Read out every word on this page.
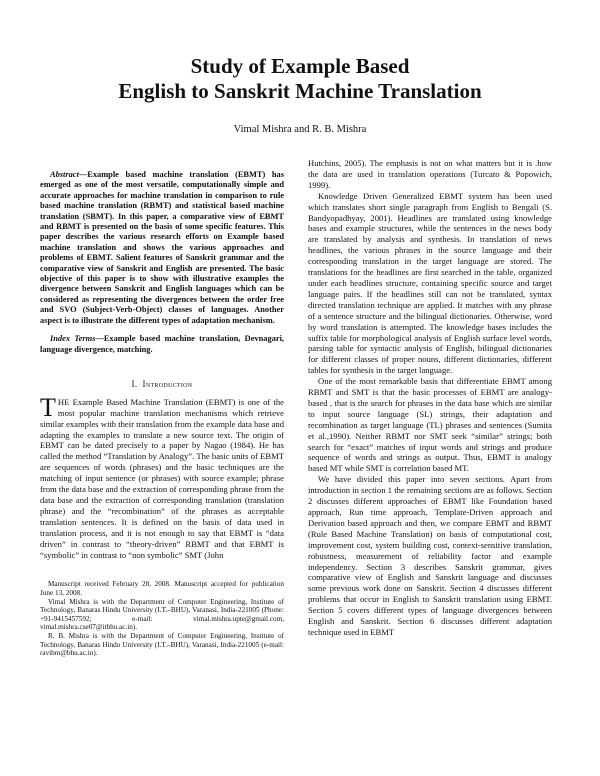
Study of Example Based
English to Sanskrit Machine Translation
Vimal Mishra and R. B. Mishra

Abstract—Example based machine translation (EBMT) has emerged as one of the most versatile, computationally simple and accurate approaches for machine translation in comparison to rule based machine translation (RBMT) and statistical based machine translation (SBMT). In this paper, a comparative view of EBMT and RBMT is presented on the basis of some specific features. This paper describes the various research efforts on Example based machine translation and shows the various approaches and problems of EBMT. Salient features of Sanskrit grammar and the comparative view of Sanskrit and English are presented. The basic objective of this paper is to show with illustrative examples the divergence between Sanskrit and English languages which can be considered as representing the divergences between the order free and SVO (Subject-Verb-Object) classes of languages. Another aspect is to illustrate the different types of adaptation mechanism.

Index Terms—Example based machine translation, Devnagari, language divergence, matching.

I. Introduction

THE Example Based Machine Translation (EBMT) is one of the most popular machine translation mechanisms which retrieve similar examples with their translation from the example data base and adapting the examples to translate a new source text. The origin of EBMT can be dated precisely to a paper by Nagao (1984). He has called the method “Translation by Analogy”. The basic units of EBMT are sequences of words (phrases) and the basic techniques are the matching of input sentence (or phrases) with source example; phrase from the data base and the extraction of corresponding phrase from the data base and the extraction of corresponding translation (translation phrase) and the “recombination” of the phrases as acceptable translation sentences. It is defined on the basis of data used in translation process, and it is not enough to say that EBMT is “data driven” in contrast to “theory-driven” RBMT and that EBMT is “symbolic” in contrast to “non symbolic” SMT (John

Manuscript received February 28, 2008. Manuscript accepted for publication June 13, 2008.

Vimal Mishra is with the Department of Computer Engineering, Institute of Technology, Banaras Hindu University (I.T.–BHU), Varanasi, India-221005 (Phone: +91-9415457592; e-mail: vimal.mishra.upte@gmail.com, vimal.mishra.cse07@itbhu.ac.in).

R. B. Mishra is with the Department of Computer Engineering, Institute of Technology, Banaras Hindu University (I.T.–BHU), Varanasi, India-221005 (e-mail: ravibm@bhu.ac.in).

Hutchins, 2005). The emphasis is not on what matters but it is .how the data are used in translation operations (Turcato & Popowich, 1999).

Knowledge Driven Generalized EBMT system has been used which translates short single paragraph from English to Bengali (S. Bandyopadhyay, 2001). Headlines are translated using knowledge bases and example structures, while the sentences in the news body are translated by analysis and synthesis. In translation of news headlines, the various phrases in the source language and their corresponding translation in the target language are stored. The translations for the headlines are first searched in the table, organized under each headlines structure, containing specific source and target language pairs. If the headlines still can not be translated, syntax directed translation technique are applied. It matches with any phrase of a sentence structure and the bilingual dictionaries. Otherwise, word by word translation is attempted. The knowledge bases includes the suffix table for morphological analysis of English surface level words, parsing table for syntactic analysis of English, bilingual dictionaries for different classes of proper nouns, different dictionaries, different tables for synthesis in the target language.

One of the most remarkable basis that differentiate EBMT among RBMT and SMT is that the basic processes of EBMT are analogy-based , that is the search for phrases in the data base which are similar to input source language (SL) strings, their adaptation and recombination as target language (TL) phrases and sentences (Sumita et al.,1990). Neither RBMT nor SMT seek “similar” strings; both search for “exact” matches of input words and strings and produce sequence of words and strings as output. Thus, EBMT is analogy based MT while SMT is correlation based MT.

We have divided this paper into seven sections. Apart from introduction in section 1 the remaining sections are as follows. Section 2 discusses different approaches of EBMT like Foundation based approach, Run time approach, Template-Driven approach and Derivation based approach and then, we compare EBMT and RBMT (Rule Based Machine Translation) on basis of computational cost, improvement cost, system building cost, context-sensitive translation, robustness, measurement of reliability factor and example independency. Section 3 describes Sanskrit grammar, gives comparative view of English and Sanskrit language and discusses some previous work done on Sanskrit. Section 4 discusses different problems that occur in English to Sanskrit translation using EBMT. Section 5 covers different types of language divergences between English and Sanskrit. Section 6 discusses different adaptation technique used in EBMT
